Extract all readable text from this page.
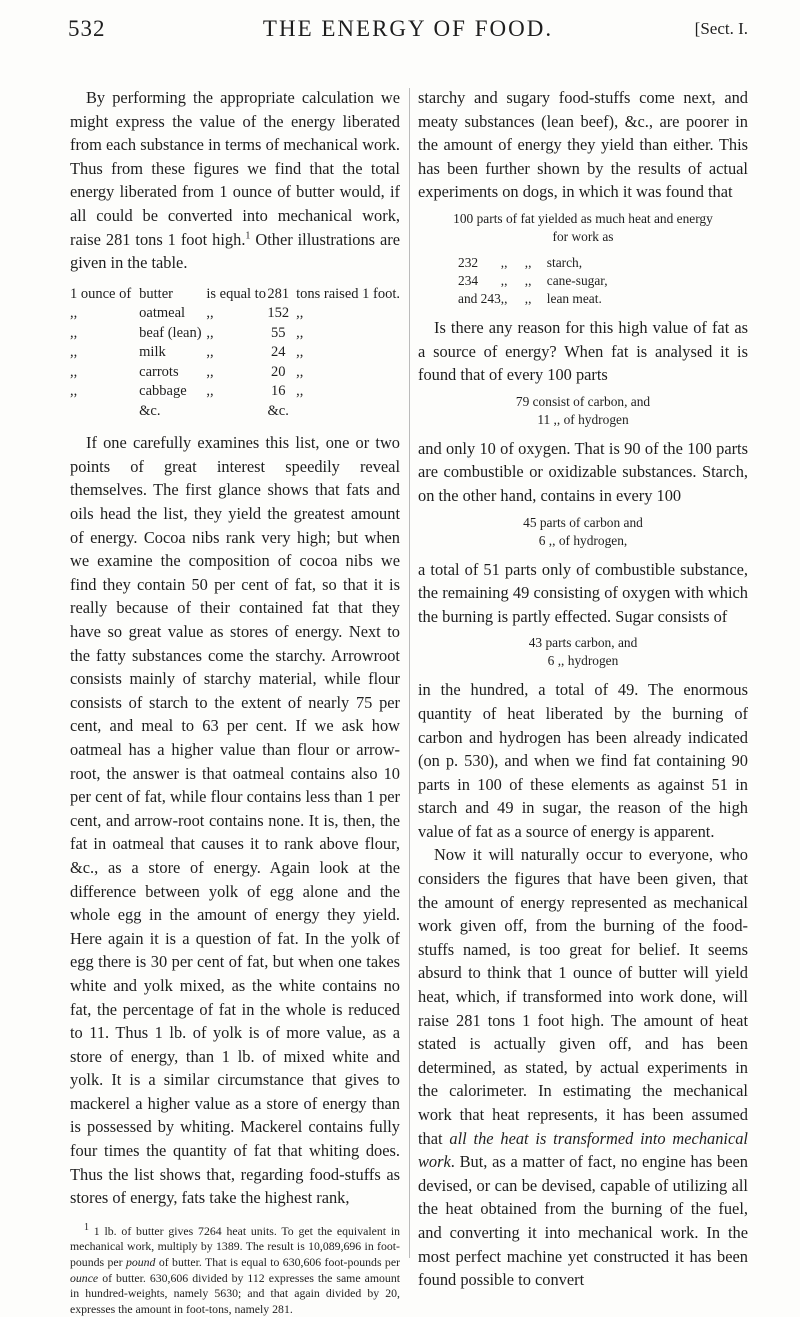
532	THE ENERGY OF FOOD.	[Sect. I.

By performing the appropriate calculation we might express the value of the energy liberated from each substance in terms of mechanical work. Thus from these figures we find that the total energy liberated from 1 ounce of butter would, if all could be converted into mechanical work, raise 281 tons 1 foot high.$^1$ Other illustrations are given in the table.

1 ounce of	butter	is equal to	281	tons raised 1 foot.
,,	oatmeal	,,	152	,,
,,	beaf (lean)	,,	55	,,
,,	milk	,,	24	,,
,,	carrots	,,	20	,,
,,	cabbage	,,	16	,,
	&c.		&c.	

If one carefully examines this list, one or two points of great interest speedily reveal themselves. The first glance shows that fats and oils head the list, they yield the greatest amount of energy. Cocoa nibs rank very high; but when we examine the composition of cocoa nibs we find they contain 50 per cent of fat, so that it is really because of their contained fat that they have so great value as stores of energy. Next to the fatty substances come the starchy. Arrowroot consists mainly of starchy material, while flour consists of starch to the extent of nearly 75 per cent, and meal to 63 per cent. If we ask how oatmeal has a higher value than flour or arrow-root, the answer is that oatmeal contains also 10 per cent of fat, while flour contains less than 1 per cent, and arrow-root contains none. It is, then, the fat in oatmeal that causes it to rank above flour, &c., as a store of energy. Again look at the difference between yolk of egg alone and the whole egg in the amount of energy they yield. Here again it is a question of fat. In the yolk of egg there is 30 per cent of fat, but when one takes white and yolk mixed, as the white contains no fat, the percentage of fat in the whole is reduced to 11. Thus 1 lb. of yolk is of more value, as a store of energy, than 1 lb. of mixed white and yolk. It is a similar circumstance that gives to mackerel a higher value as a store of energy than is possessed by whiting. Mackerel contains fully four times the quantity of fat that whiting does. Thus the list shows that, regarding food-stuffs as stores of energy, fats take the highest rank,

$^1$ 1 lb. of butter gives 7264 heat units. To get the equivalent in mechanical work, multiply by 1389. The result is 10,089,696 in foot-pounds per pound of butter. That is equal to 630,606 foot-pounds per ounce of butter. 630,606 divided by 112 expresses the same amount in hundred-weights, namely 5630; and that again divided by 20, expresses the amount in foot-tons, namely 281.

starchy and sugary food-stuffs come next, and meaty substances (lean beef), &c., are poorer in the amount of energy they yield than either. This has been further shown by the results of actual experiments on dogs, in which it was found that

100 parts of fat yielded as much heat and energy
for work as
232	,,	,,	starch,
234	,,	,,	cane-sugar,
and 243	,,	,,	lean meat.

Is there any reason for this high value of fat as a source of energy? When fat is analysed it is found that of every 100 parts

79 consist of carbon, and
11 ,, of hydrogen

and only 10 of oxygen. That is 90 of the 100 parts are combustible or oxidizable substances. Starch, on the other hand, contains in every 100

45 parts of carbon and
6 ,, of hydrogen,

a total of 51 parts only of combustible substance, the remaining 49 consisting of oxygen with which the burning is partly effected. Sugar consists of

43 parts carbon, and
6 ,, hydrogen

in the hundred, a total of 49. The enormous quantity of heat liberated by the burning of carbon and hydrogen has been already indicated (on p. 530), and when we find fat containing 90 parts in 100 of these elements as against 51 in starch and 49 in sugar, the reason of the high value of fat as a source of energy is apparent.

Now it will naturally occur to everyone, who considers the figures that have been given, that the amount of energy represented as mechanical work given off, from the burning of the food-stuffs named, is too great for belief. It seems absurd to think that 1 ounce of butter will yield heat, which, if transformed into work done, will raise 281 tons 1 foot high. The amount of heat stated is actually given off, and has been determined, as stated, by actual experiments in the calorimeter. In estimating the mechanical work that heat represents, it has been assumed that all the heat is transformed into mechanical work. But, as a matter of fact, no engine has been devised, or can be devised, capable of utilizing all the heat obtained from the burning of the fuel, and converting it into mechanical work. In the most perfect machine yet constructed it has been found possible to convert
